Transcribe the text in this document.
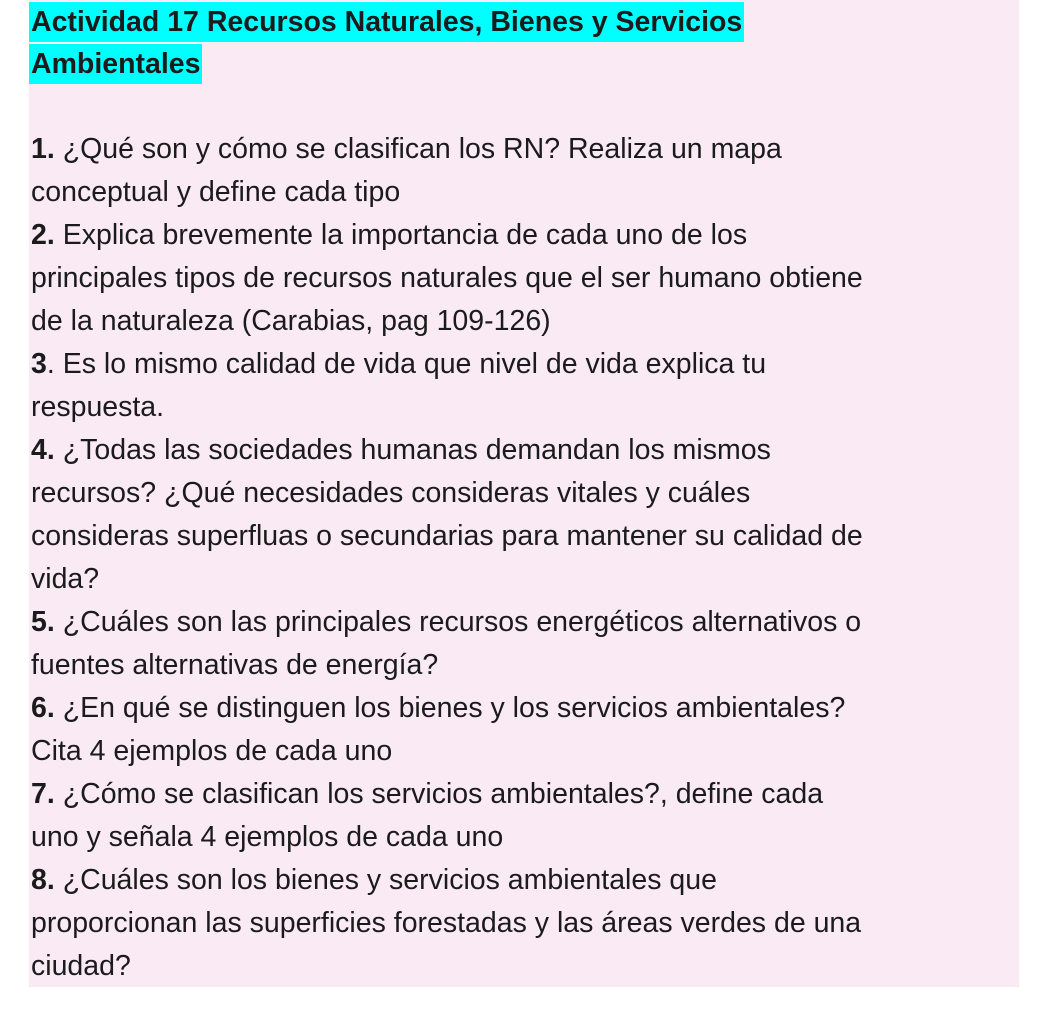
Actividad 17 Recursos Naturales, Bienes y Servicios
Ambientales
1. ¿Qué son y cómo se clasifican los RN? Realiza un mapa
conceptual y define cada tipo
2. Explica brevemente la importancia de cada uno de los
principales tipos de recursos naturales que el ser humano obtiene
de la naturaleza (Carabias, pag 109-126)
3. Es lo mismo calidad de vida que nivel de vida explica tu
respuesta.
4. ¿Todas las sociedades humanas demandan los mismos
recursos? ¿Qué necesidades consideras vitales y cuáles
consideras superfluas o secundarias para mantener su calidad de
vida?
5. ¿Cuáles son las principales recursos energéticos alternativos o
fuentes alternativas de energía?
6. ¿En qué se distinguen los bienes y los servicios ambientales?
Cita 4 ejemplos de cada uno
7. ¿Cómo se clasifican los servicios ambientales?, define cada
uno y señala 4 ejemplos de cada uno
8. ¿Cuáles son los bienes y servicios ambientales que
proporcionan las superficies forestadas y las áreas verdes de una
ciudad?
